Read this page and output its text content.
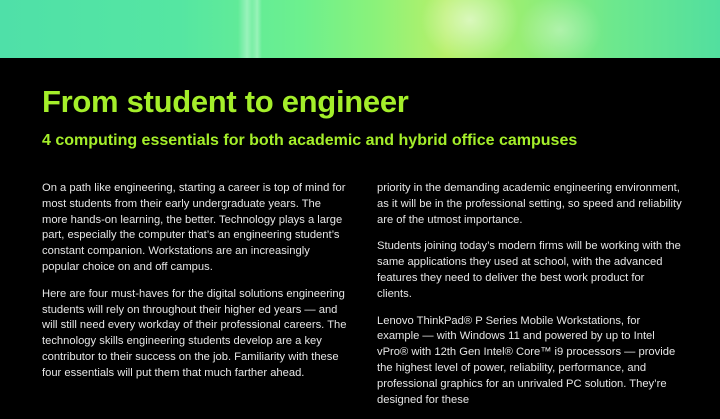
From student to engineer
4 computing essentials for both academic and hybrid office campuses

On a path like engineering, starting a career is top of mind for most students from their early undergraduate years. The more hands-on learning, the better. Technology plays a large part, especially the computer that’s an engineering student’s constant companion. Workstations are an increasingly popular choice on and off campus.

Here are four must-haves for the digital solutions engineering students will rely on throughout their higher ed years — and will still need every workday of their professional careers. The technology skills engineering students develop are a key contributor to their success on the job. Familiarity with these four essentials will put them that much farther ahead.

priority in the demanding academic engineering environment, as it will be in the professional setting, so speed and reliability are of the utmost importance.

Students joining today’s modern firms will be working with the same applications they used at school, with the advanced features they need to deliver the best work product for clients.

Lenovo ThinkPad® P Series Mobile Workstations, for example — with Windows 11 and powered by up to Intel vPro® with 12th Gen Intel® Core™ i9 processors — provide the highest level of power, reliability, performance, and professional graphics for an unrivaled PC solution. They’re designed for these
